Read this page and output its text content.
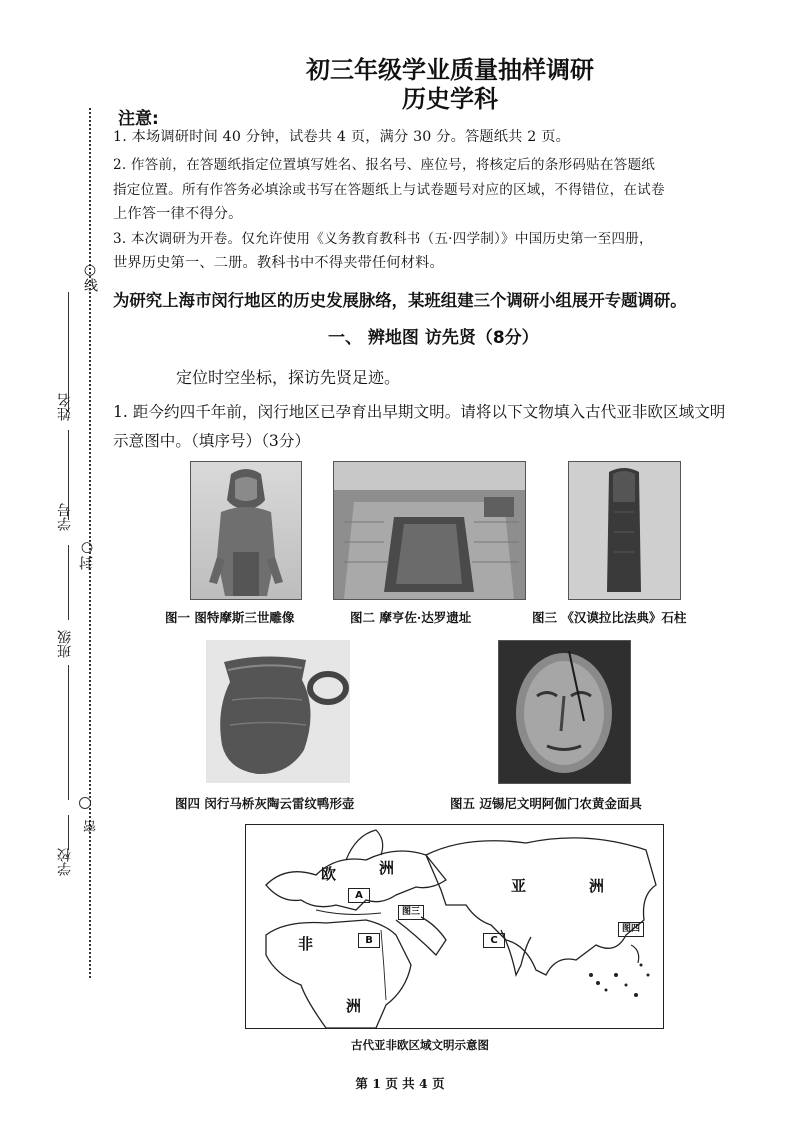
○线
姓名
学号
封○
班级
密
学校
初三年级学业质量抽样调研
历史学科
注意:
1. 本场调研时间 40 分钟，试卷共 4 页，满分 30 分。答题纸共 2 页。
2. 作答前，在答题纸指定位置填写姓名、报名号、座位号，将核定后的条形码贴在答题纸
指定位置。所有作答务必填涂或书写在答题纸上与试卷题号对应的区域，不得错位，在试卷
上作答一律不得分。
3. 本次调研为开卷。仅允许使用《义务教育教科书（五·四学制）》中国历史第一至四册，
世界历史第一、二册。教科书中不得夹带任何材料。
为研究上海市闵行地区的历史发展脉络，某班组建三个调研小组展开专题调研。
一、 辨地图 访先贤（8分）
定位时空坐标，探访先贤足迹。
1. 距今约四千年前，闵行地区已孕育出早期文明。请将以下文物填入古代亚非欧区域文明
示意图中。（填序号）（3分）
图一 图特摩斯三世雕像	图二 摩亨佐·达罗遗址	图三 《汉谟拉比法典》石柱
图四 闵行马桥灰陶云雷纹鸭形壶	图五 迈锡尼文明阿伽门农黄金面具
欧	洲
亚	洲
非
洲
A
B	C
图三
图四
古代亚非欧区域文明示意图
第 1 页 共 4 页
